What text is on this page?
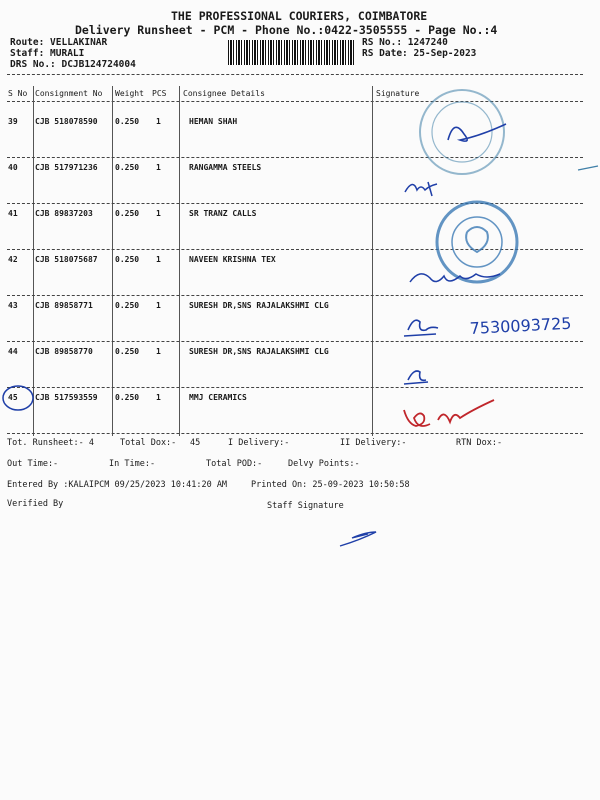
THE PROFESSIONAL COURIERS, COIMBATORE
Delivery Runsheet - PCM - Phone No.:0422-3505555 - Page No.:4
Route: VELLAKINAR
Staff: MURALI
DRS No.: DCJB124724004
RS No.: 1247240
RS Date: 25-Sep-2023
S No Consignment No Weight PCS Consignee Details	Signature
39 CJB 518078590 0.250 1	HEMAN SHAH
40 CJB 517971236 0.250 1	RANGAMMA STEELS
41 CJB 89837203	0.250 1	SR TRANZ CALLS
42 CJB 518075687 0.250 1	NAVEEN KRISHNA TEX
43 CJB 89858771	0.250 1	SURESH DR,SNS RAJALAKSHMI CLG
44 CJB 89858770	0.250 1	SURESH DR,SNS RAJALAKSHMI CLG
45 CJB 517593559 0.250 1	MMJ CERAMICS
Tot. Runsheet:- 4	Total Dox:- 45	I Delivery:-	II Delivery:-	RTN Dox:-
Out Time:-	In Time:-	Total POD:-	Delvy Points:-
Entered By :KALAIPCM 09/25/2023 10:41:20 AM	Printed On: 25-09-2023 10:50:58
Verified By	Staff Signature
7530093725
